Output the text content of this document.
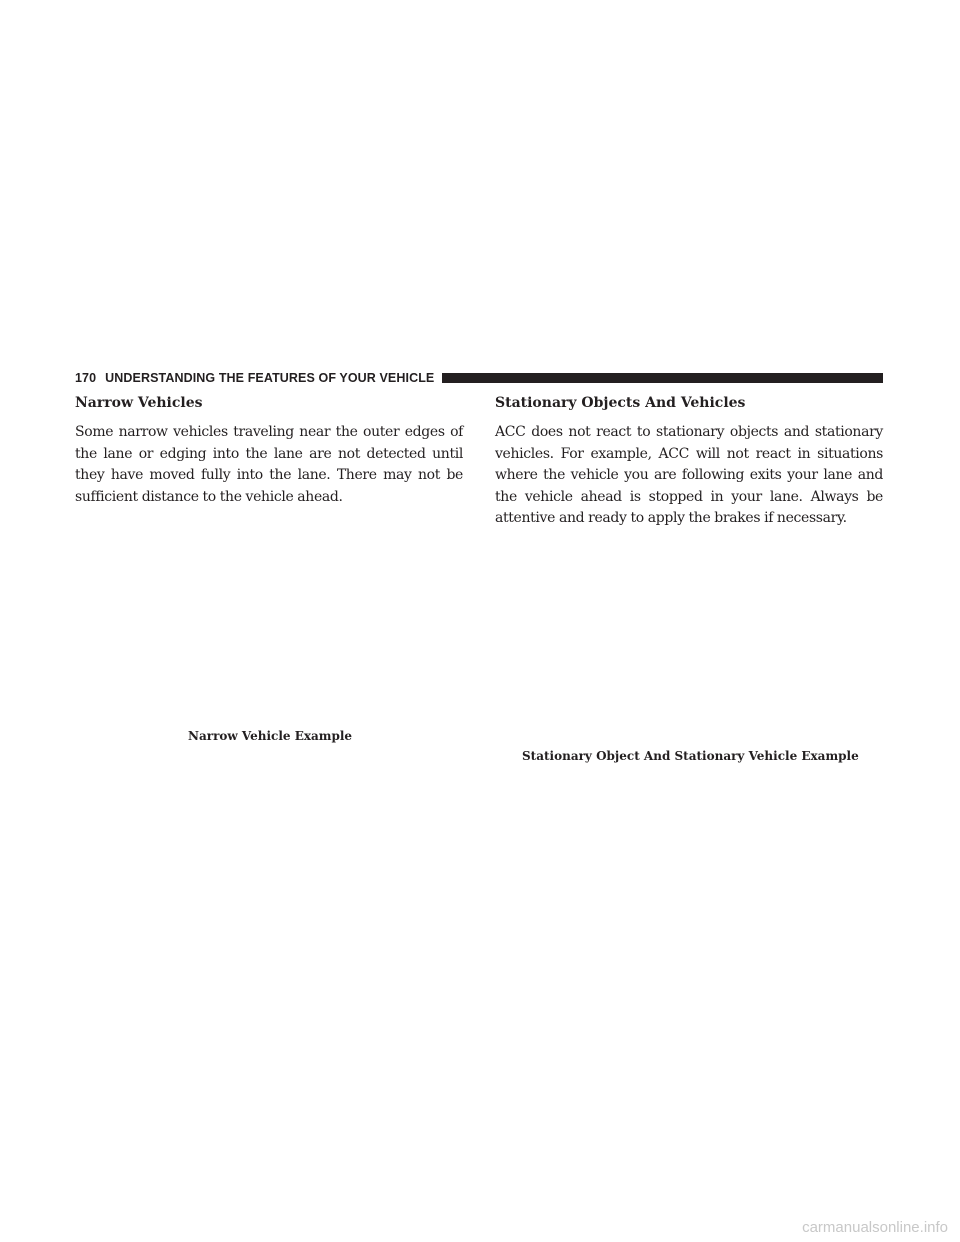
170 UNDERSTANDING THE FEATURES OF YOUR VEHICLE
Narrow Vehicles

Some narrow vehicles traveling near the outer edges of the lane or edging into the lane are not detected until they have moved fully into the lane. There may not be sufficient distance to the vehicle ahead.

Stationary Objects And Vehicles

ACC does not react to stationary objects and stationary vehicles. For example, ACC will not react in situations where the vehicle you are following exits your lane and the vehicle ahead is stopped in your lane. Always be attentive and ready to apply the brakes if necessary.

Narrow Vehicle Example
Stationary Object And Stationary Vehicle Example
carmanualsonline.info
